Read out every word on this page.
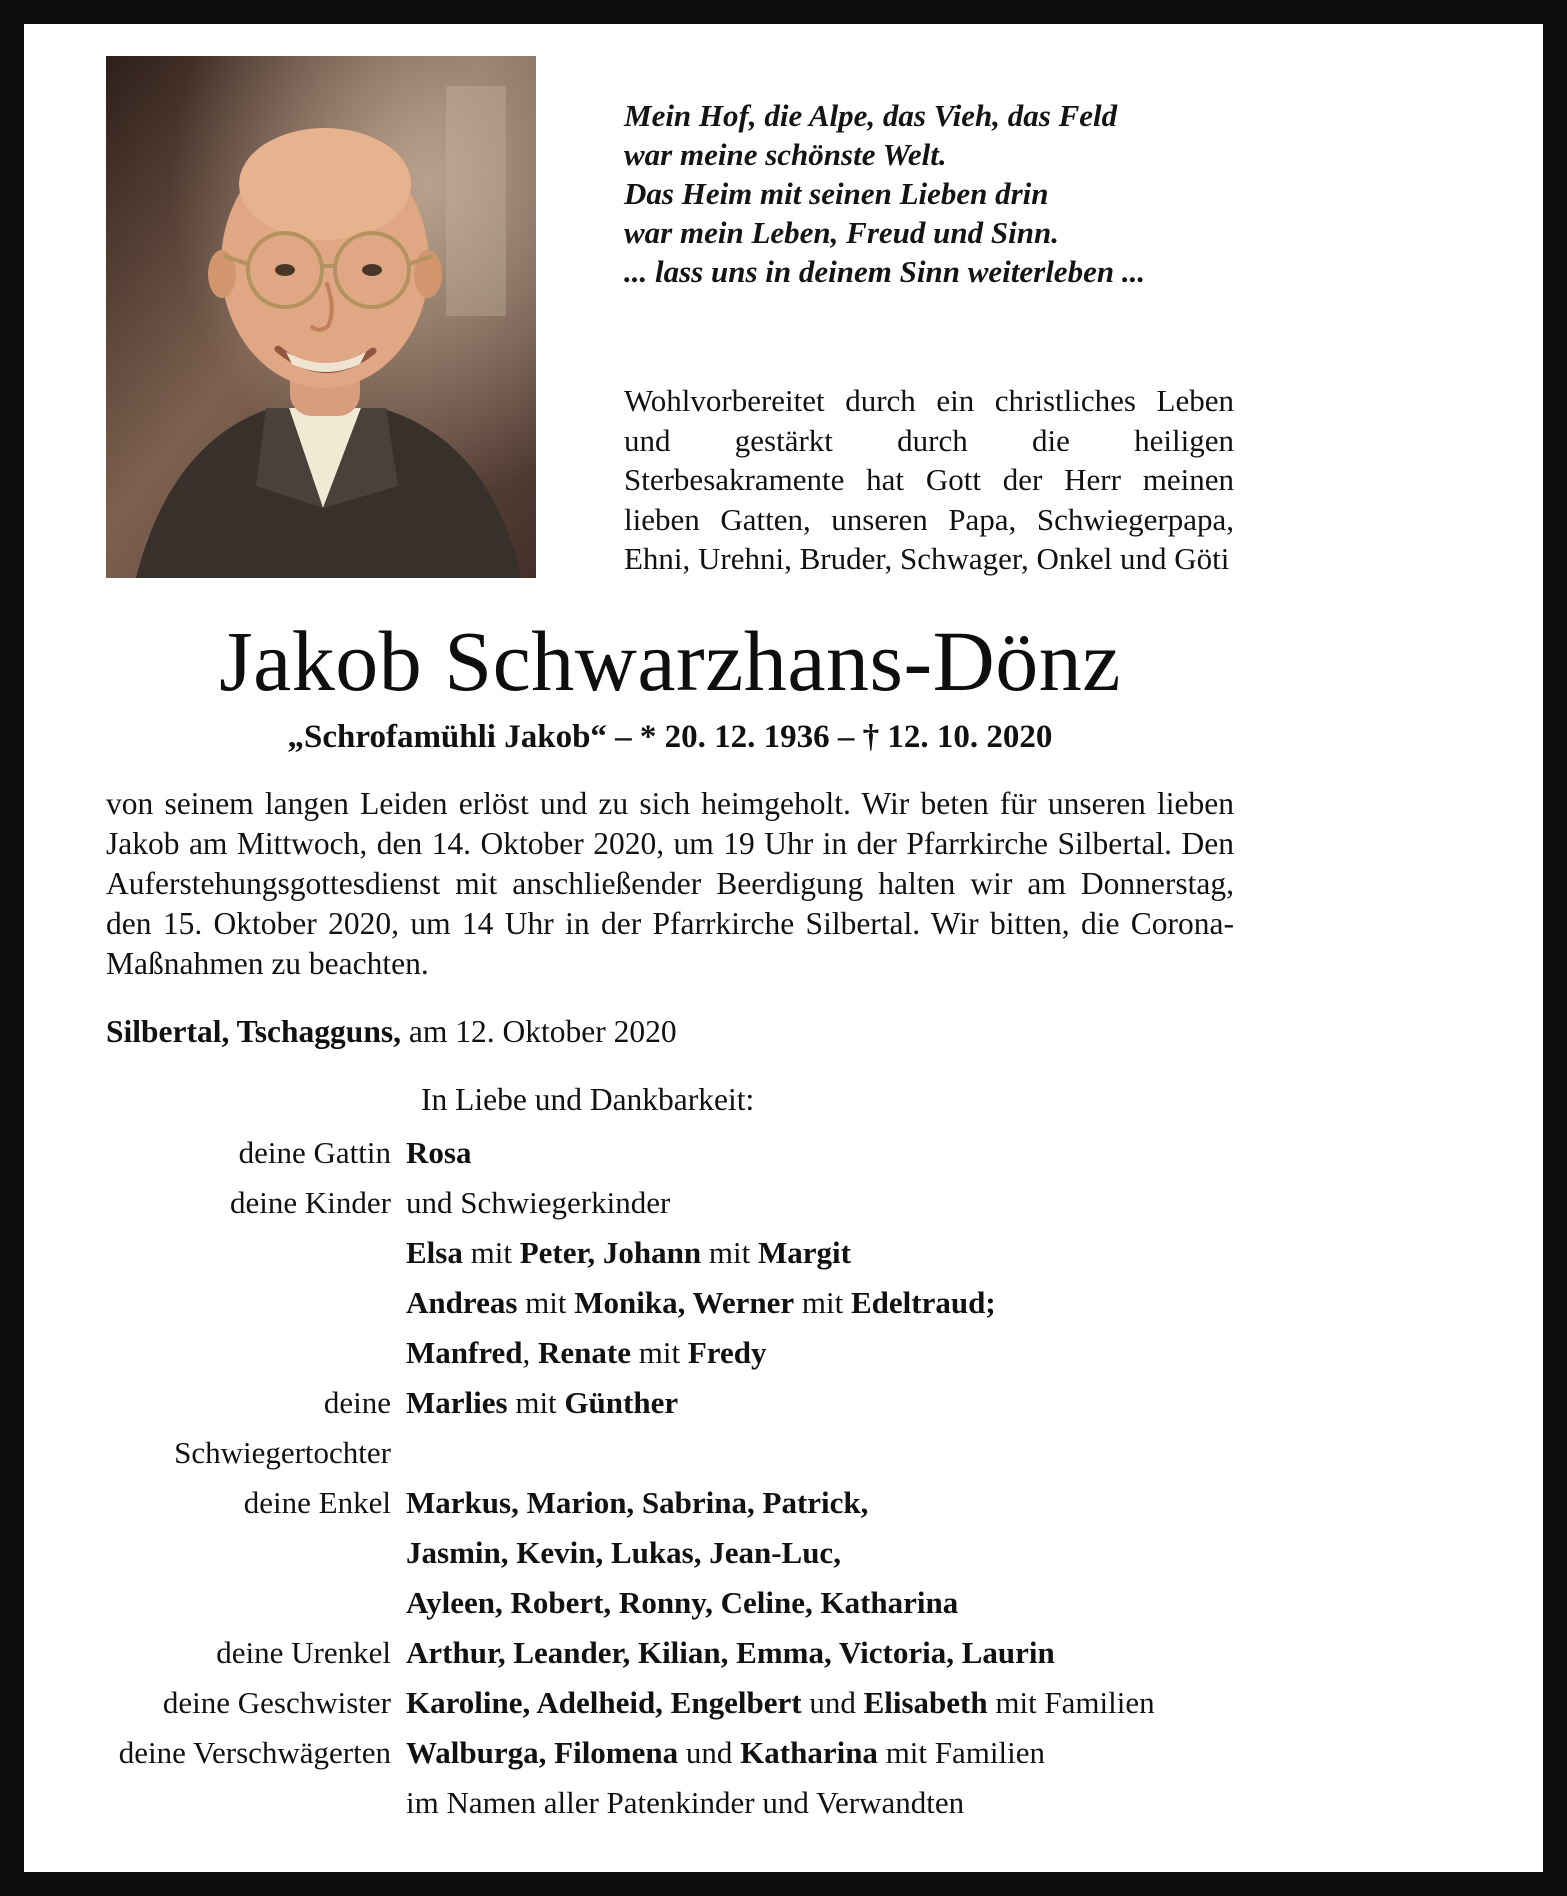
Mein Hof, die Alpe, das Vieh, das Feld
war meine schönste Welt.
Das Heim mit seinen Lieben drin
war mein Leben, Freud und Sinn.
... lass uns in deinem Sinn weiterleben ...
Wohlvorbereitet durch ein christliches Leben und gestärkt durch die heiligen Sterbesakramente hat Gott der Herr meinen lieben Gatten, unseren Papa, Schwiegerpapa, Ehni, Urehni, Bruder, Schwager, Onkel und Göti
Jakob Schwarzhans-Dönz
„Schrofamühli Jakob“ – * 20. 12. 1936 – † 12. 10. 2020

von seinem langen Leiden erlöst und zu sich heimgeholt. Wir beten für unseren lieben Jakob am Mittwoch, den 14. Oktober 2020, um 19 Uhr in der Pfarrkirche Silbertal. Den Auferstehungsgottesdienst mit anschließender Beerdigung halten wir am Donnerstag, den 15. Oktober 2020, um 14 Uhr in der Pfarrkirche Silbertal. Wir bitten, die Corona-Maßnahmen zu beachten.

Silbertal, Tschagguns, am 12. Oktober 2020
In Liebe und Dankbarkeit:
deine Gattin Rosa
deine Kinder und Schwiegerkinder
Elsa mit Peter, Johann mit Margit
Andreas mit Monika, Werner mit Edeltraud;
Manfred, Renate mit Fredy
deine Schwiegertochter
Marlies mit Günther
deine Enkel Markus, Marion, Sabrina, Patrick,
Jasmin, Kevin, Lukas, Jean-Luc,
Ayleen, Robert, Ronny, Celine, Katharina
deine Urenkel Arthur, Leander, Kilian, Emma, Victoria, Laurin
deine Geschwister Karoline, Adelheid, Engelbert und Elisabeth mit Familien
deine Verschwägerten Walburga, Filomena und Katharina mit Familien
im Namen aller Patenkinder und Verwandten
